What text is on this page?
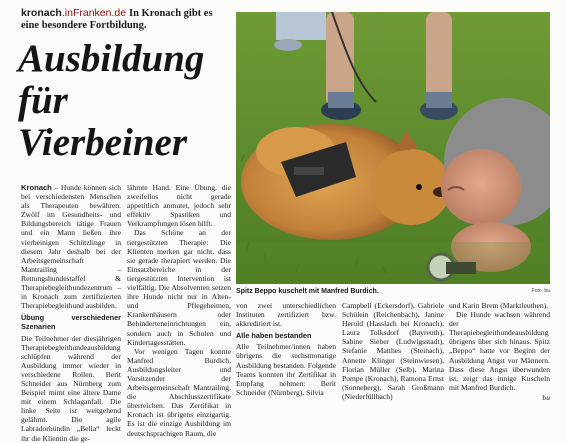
kronach.inFranken.de In Kronach gibt es eine besondere Fortbildung.
Ausbildung
für
Vierbeiner
Spitz Beppo kuschelt mit Manfred Burdich.	Foto: bu

Kronach – Hunde können sich bei verschiedensten Menschen als Therapeuten bewähren. Zwölf im Gesundheits- und Bildungsbereich tätige Frauen und ein Mann ließen ihre vierbeinigen Schützlinge in diesem Jahr deshalb bei der Arbeitsgemeinschaft Mantrailing – Rettungshundestaffel & Therapiebegleithundezentrum – in Kronach zum zertifizierten Therapiebegleithund ausbilden.

Übung verschiedener Szenarien

Die Teilnehmer der diesjährigen Therapiebegleithundeausbildung schlüpfen während der Ausbildung immer wieder in verschiedene Rollen. Berit Schneider aus Nürnberg zum Beispiel mimt eine ältere Dame mit einem Schlaganfall. Die linke Seite ist weitgehend gelähmt. Die agile Labradorhündin „Bella“ leckt ihr die Klientin die ge-

lähmte Hand. Eine Übung, die zweifellos nicht gerade appetitlich anmutet, jedoch sehr effektiv Spastiken und Verkrampfungen lösen hilft.

Das Schöne an der tiergestützten Therapie: Die Klienten merken gar nicht, dass sie gerade therapiert werden. Die Einsatzbereiche in der tiergestützten Intervention ist vielfältig. Die Absolventen setzen ihre Hunde nicht nur in Alten- und Pflegeheimen, Krankenhäusern oder Behinderteneinrichtungen ein, sondern auch in Schulen und Kindertagesstätten.

Vor wenigen Tagen konnte Manfred Burdich, Ausbildungsleiter und Vorsitzender der Arbeitsgemeinschaft Mantrailing, die Abschlusszertifikate überreichen. Das Zertifikat in Kronach ist übrigens einzigartig. Es ist die einzige Ausbildung im deutschsprachigen Raum, die

von zwei unterschiedlichen Instituten zertifiziert bzw. akkreditiert ist.

Alle haben bestanden

Alle Teilnehmer/innen haben übrigens die sechsmonatige Ausbildung bestanden. Folgende Teams konnten ihr Zertifikat in Empfang nehmen: Berit Schneider (Nürnberg), Silvia

Campbell (Eckersdorf), Gabriele Schülein (Reichenbach), Janine Herold (Hasslach bei Kronach), Laura Tolksdorf (Bayreuth), Sabine Sieber (Ludwigsstadt), Stefanie Matthes (Steinach), Annette Klinger (Steinwiesen), Florian Müller (Selb), Marina Pompe (Kronach), Ramona Ernst (Sonneberg), Sarah Großmann (Niederfüllbach)

und Karin Brem (Marktleuthen).

Die Hunde wachsen während der Therapiebegleithundeausbildung übrigens über sich hinaus. Spitz „Beppo“ hatte vor Beginn der Ausbildung Angst vor Männern. Dass diese Angst überwunden ist, zeigt das innige Kuscheln mit Manfred Burdich.

bu
